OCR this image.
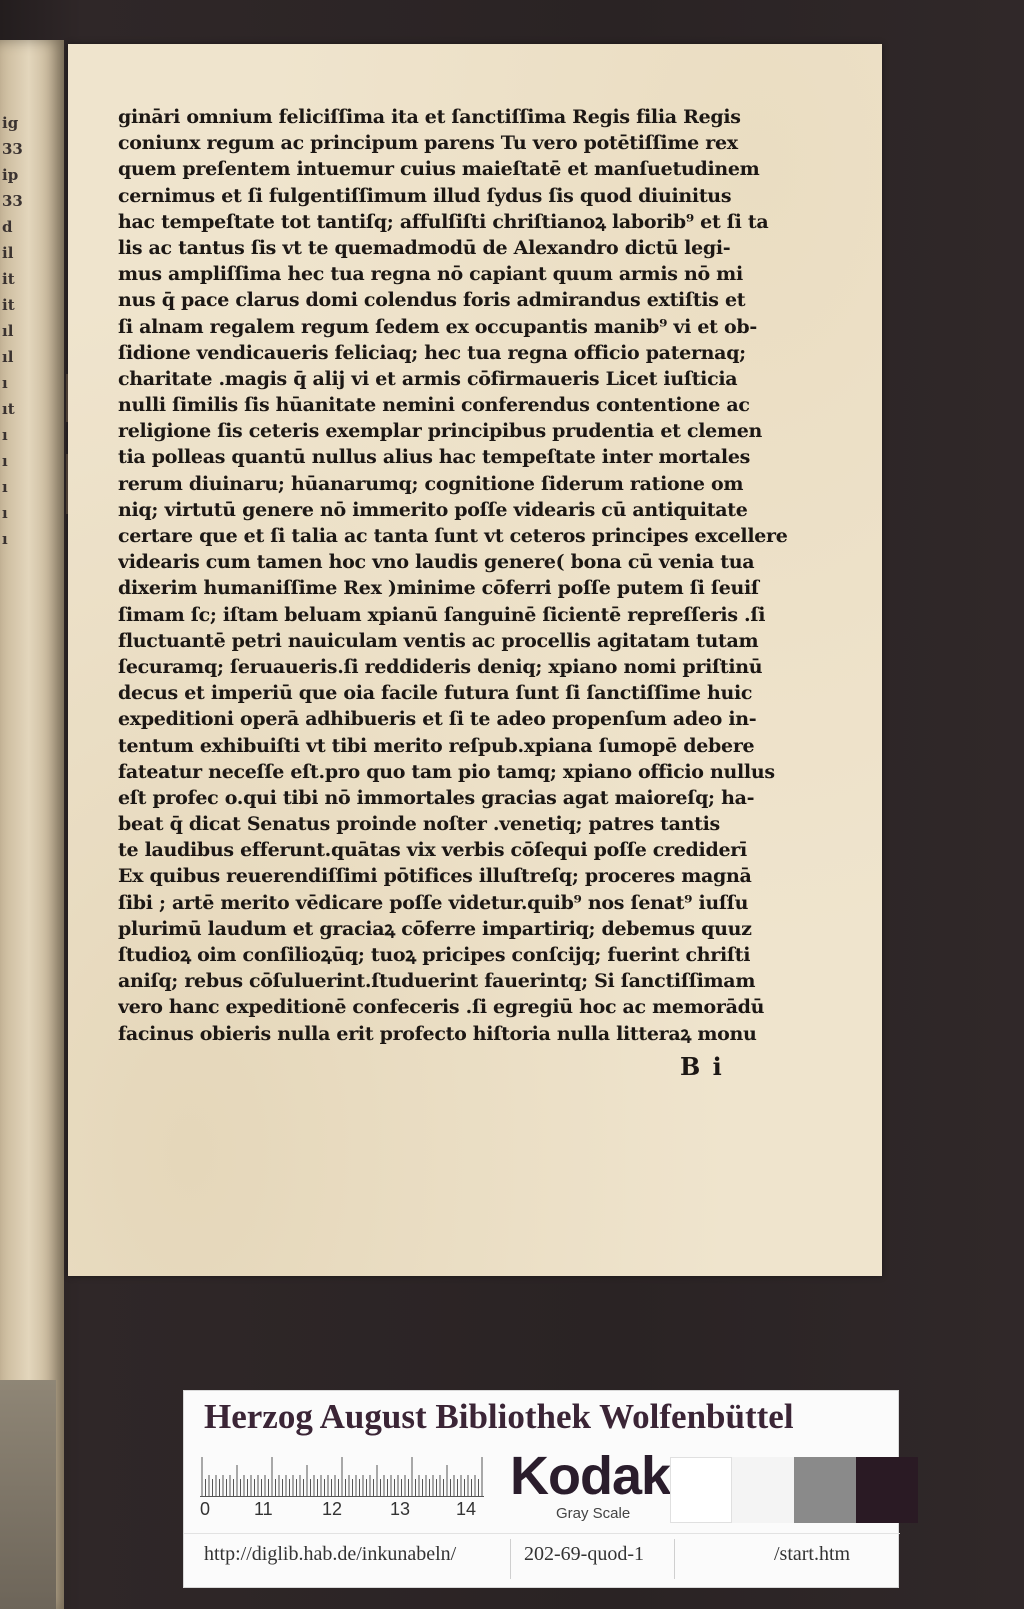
ig
33
ip
33
d
il
it
it
ıl
ıl
ı
ıt
ı
ı
ı
ı
ı
gināri omnium feliciſſima ita et ſanctiſſima Regis filia Regis
coniunx regum ac principum parens Tu vero potētiſſime rex
quem preſentem intuemur cuius maieſtatē et manſuetudinem
cernimus et ſi fulgentiſſimum illud ſydus ſis quod diuinitus
hac tempeſtate tot tantiſq; affulſiſti chriſtianoꝝ laborib⁹ et ſi ta
lis ac tantus ſis vt te quemadmodū de Alexandro dictū legi-
mus ampliſſima hec tua regna nō capiant quum armis nō mi
nus q̄ pace clarus domi colendus foris admirandus extiſtis et
ſi alnam regalem regum ſedem ex occupantis manib⁹ vi et ob-
ſidione vendicaueris feliciaq; hec tua regna officio paternaq;
charitate .magis q̄ alij vi et armis cōfirmaueris Licet iuſticia
nulli ſimilis ſis hūanitate nemini conferendus contentione ac
religione ſis ceteris exemplar principibus prudentia et clemen
tia polleas quantū nullus alius hac tempeſtate inter mortales
rerum diuinaru; hūanarumq; cognitione ſiderum ratione om
niq; virtutū genere nō immerito poſſe videaris cū antiquitate
certare que et ſi talia ac tanta ſunt vt ceteros principes excellere
videaris cum tamen hoc vno laudis genere( bona cū venia tua
dixerim humaniſſime Rex )minime cōferri poſſe putem ſi ſeuiſ
ſimam ſc; iſtam beluam xpianū ſanguinē ſicientē repreſſeris .ſi
fluctuantē petri nauiculam ventis ac procellis agitatam tutam
ſecuramq; ſeruaueris.ſi reddideris deniq; xpiano nomi priſtinū
decus et imperiū que oia facile futura ſunt ſi ſanctiſſime huic
expeditioni operā adhibueris et ſi te adeo propenſum adeo in-
tentum exhibuiſti vt tibi merito reſpub.xpiana ſumopē debere
fateatur neceſſe eſt.pro quo tam pio tamq; xpiano officio nullus
eſt profec o.qui tibi nō immortales gracias agat maioreſq; ha-
beat q̄ dicat Senatus proinde noſter .venetiq; patres tantis
te laudibus efferunt.quātas vix verbis cōſequi poſſe crediderī
Ex quibus reuerendiſſimi pōtifices illuſtreſq; proceres magnā
ſibi ; artē merito vēdicare poſſe videtur.quib⁹ nos ſenat⁹ iuſſu
plurimū laudum et graciaꝝ cōferre impartiriq; debemus quuz
ſtudioꝝ oim conſilioꝝūq; tuoꝝ pricipes conſcijq; fuerint chriſti
aniſq; rebus cōſuluerint.ſtuduerint fauerintq; Si ſanctiſſimam
vero hanc expeditionē confeceris .ſi egregiū hoc ac memorādū
facinus obieris nulla erit profecto hiſtoria nulla litteraꝝ monu
B i
Herzog August Bibliothek Wolfenbüttel
0 11	12	13	14
Kodak
Gray Scale
http://diglib.hab.de/inkunabeln/	202-69-quod-1	/start.htm
